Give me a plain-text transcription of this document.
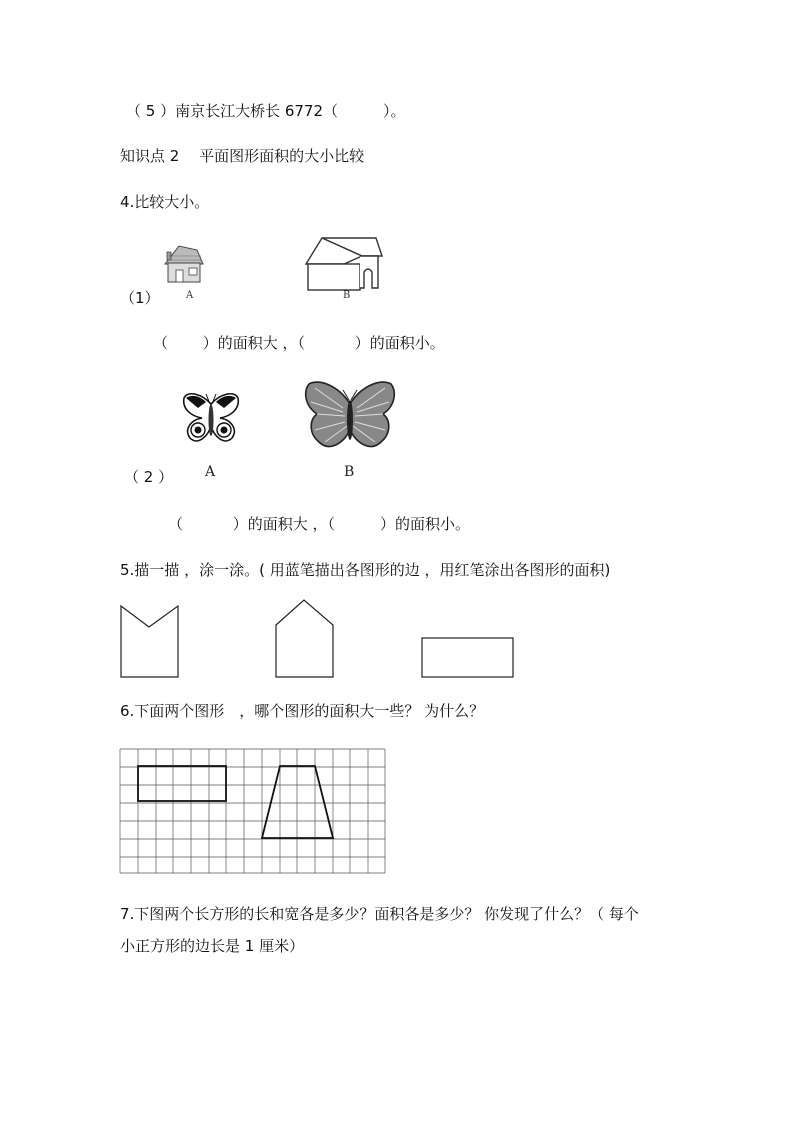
（ 5 ）南京长江大桥长 6772（　　　）。
知识点 2　 平面图形面积的大小比较
4.比较大小。
A	B
（1）
（　　 ）的面积大 ，（　　　 ）的面积小。
A	B
（ 2 ）
（　　　 ）的面积大 ，（　　　）的面积小。
5.描一描 ，涂一涂。( 用蓝笔描出各图形的边 ，用红笔涂出各图形的面积)
6.下面两个图形　，哪个图形的面积大一些？ 为什么？
7.下图两个长方形的长和宽各是多少？面积各是多少？ 你发现了什么？（ 每个
小正方形的边长是 1 厘米）
